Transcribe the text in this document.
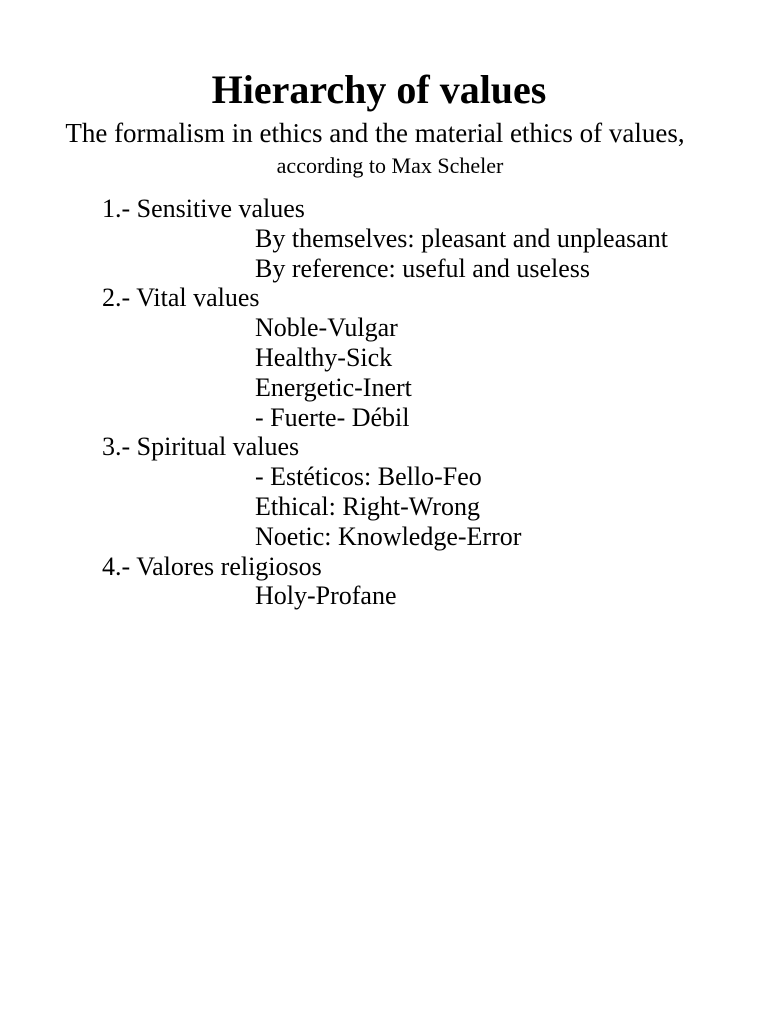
Hierarchy of values

The formalism in ethics and the material ethics of values,

according to Max Scheler

1.- Sensitive values
By themselves: pleasant and unpleasant
By reference: useful and useless
2.- Vital values
Noble-Vulgar
Healthy-Sick
Energetic-Inert
- Fuerte- Débil
3.- Spiritual values
- Estéticos: Bello-Feo
Ethical: Right-Wrong
Noetic: Knowledge-Error
4.- Valores religiosos
Holy-Profane
